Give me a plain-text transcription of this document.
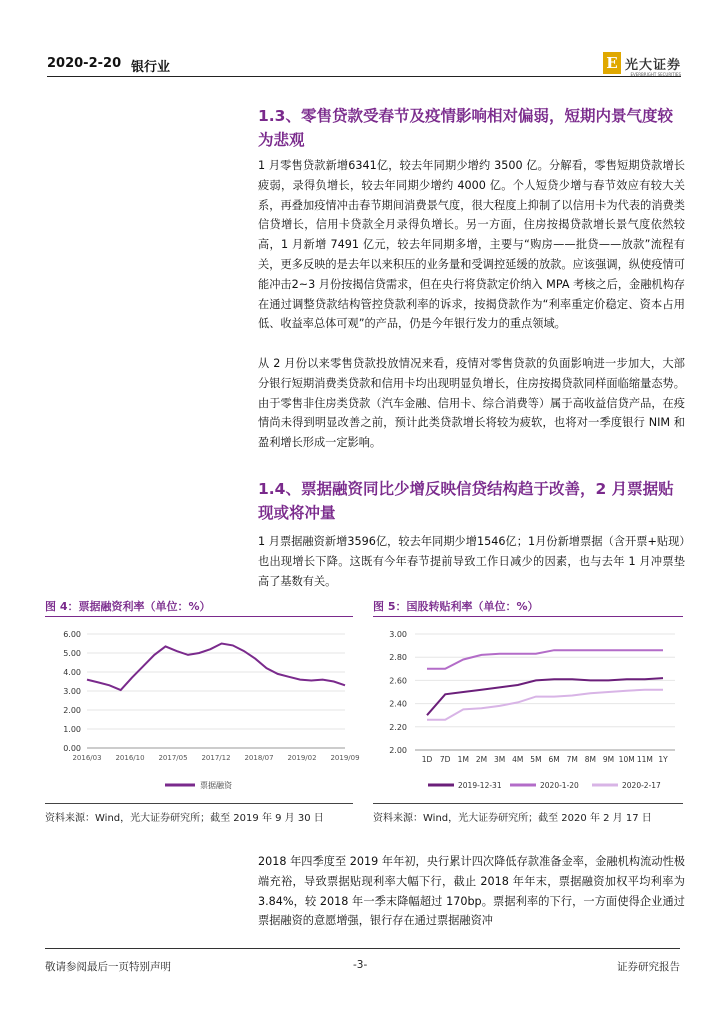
2020-2-20 银行业	E 光大证券
EVERBRIGHT SECURITIES
1.3、零售贷款受春节及疫情影响相对偏弱，短期内景气度较为悲观
1 月零售贷款新增6341亿，较去年同期少增约 3500 亿。分解看，零售短期贷款增长疲弱，录得负增长，较去年同期少增约 4000 亿。个人短贷少增与春节效应有较大关系，再叠加疫情冲击春节期间消费景气度，很大程度上抑制了以信用卡为代表的消费类信贷增长，信用卡贷款全月录得负增长。另一方面，住房按揭贷款增长景气度依然较高，1 月新增 7491 亿元，较去年同期多增，主要与“购房——批贷——放款”流程有关，更多反映的是去年以来积压的业务量和受调控延缓的放款。应该强调，纵使疫情可能冲击2~3 月份按揭信贷需求，但在央行将贷款定价纳入 MPA 考核之后，金融机构存在通过调整贷款结构管控贷款利率的诉求，按揭贷款作为“利率重定价稳定、资本占用低、收益率总体可观”的产品，仍是今年银行发力的重点领域。
从 2 月份以来零售贷款投放情况来看，疫情对零售贷款的负面影响进一步加大，大部分银行短期消费类贷款和信用卡均出现明显负增长，住房按揭贷款同样面临缩量态势。由于零售非住房类贷款（汽车金融、信用卡、综合消费等）属于高收益信贷产品，在疫情尚未得到明显改善之前，预计此类贷款增长将较为疲软，也将对一季度银行 NIM 和盈利增长形成一定影响。
1.4、票据融资同比少增反映信贷结构趋于改善，2 月票据贴现或将冲量
1 月票据融资新增3596亿，较去年同期少增1546亿；1月份新增票据（含开票+贴现）也出现增长下降。这既有今年春节提前导致工作日减少的因素，也与去年 1 月冲票垫高了基数有关。
图 4：票据融资利率（单位：%）
6.00
5.00
4.00
3.00
2.00
1.00
0.00
2016/03 2016/10 2017/05 2017/12 2018/07 2019/02 2019/09
票据融资
资料来源：Wind，光大证券研究所；截至 2019 年 9 月 30 日
图 5：国股转贴利率（单位：%）
3.00
2.80
2.60
2.40
2.20
2.00
1D 7D 1M 2M 3M 4M 5M 6M 7M 8M 9M 10M 11M 1Y
2019-12-31	2020-1-20	2020-2-17
资料来源：Wind，光大证券研究所；截至 2020 年 2 月 17 日
2018 年四季度至 2019 年年初，央行累计四次降低存款准备金率，金融机构流动性极端充裕，导致票据贴现利率大幅下行，截止 2018 年年末，票据融资加权平均利率为 3.84%，较 2018 年一季末降幅超过 170bp。票据利率的下行，一方面使得企业通过票据融资的意愿增强，银行存在通过票据融资冲
敬请参阅最后一页特别声明	-3-	证券研究报告
